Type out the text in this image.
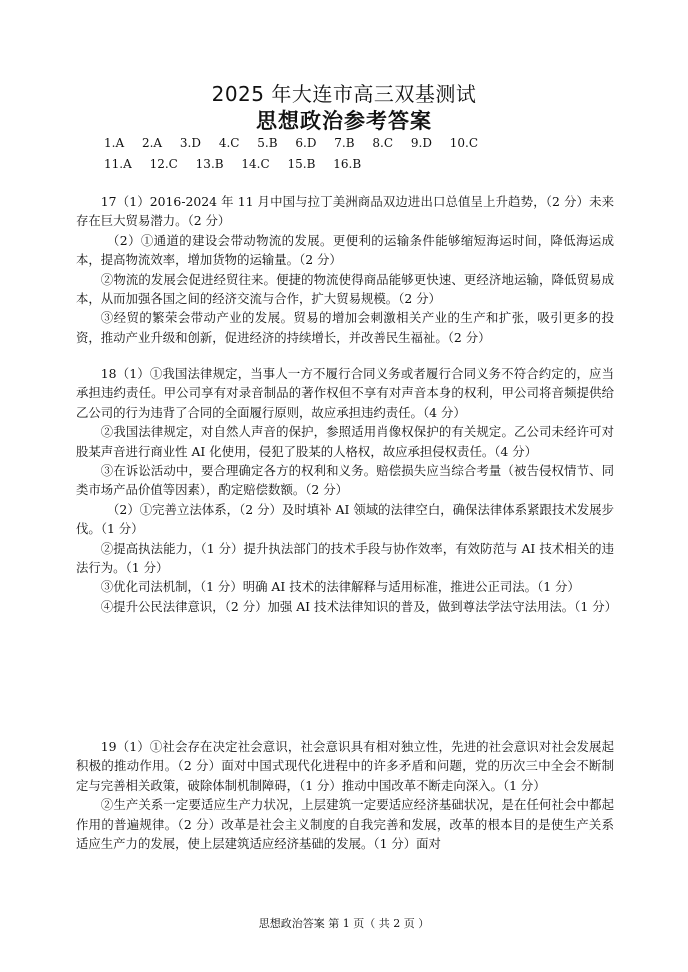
2025 年大连市高三双基测试
思想政治参考答案
1.A 2.A 3.D 4.C 5.B 6.D 7.B 8.C 9.D 10.C
11.A 12.C 13.B 14.C 15.B 16.B

17（1）2016-2024 年 11 月中国与拉丁美洲商品双边进出口总值呈上升趋势，（2 分）未来存在巨大贸易潜力。（2 分）

（2）①通道的建设会带动物流的发展。更便利的运输条件能够缩短海运时间，降低海运成本，提高物流效率，增加货物的运输量。（2 分）

②物流的发展会促进经贸往来。便捷的物流使得商品能够更快速、更经济地运输，降低贸易成本，从而加强各国之间的经济交流与合作，扩大贸易规模。（2 分）

③经贸的繁荣会带动产业的发展。贸易的增加会刺激相关产业的生产和扩张，吸引更多的投资，推动产业升级和创新，促进经济的持续增长，并改善民生福祉。（2 分）

18（1）①我国法律规定，当事人一方不履行合同义务或者履行合同义务不符合约定的，应当承担违约责任。甲公司享有对录音制品的著作权但不享有对声音本身的权利，甲公司将音频提供给乙公司的行为违背了合同的全面履行原则，故应承担违约责任。（4 分）

②我国法律规定，对自然人声音的保护，参照适用肖像权保护的有关规定。乙公司未经许可对股某声音进行商业性 AI 化使用，侵犯了股某的人格权，故应承担侵权责任。（4 分）

③在诉讼活动中，要合理确定各方的权利和义务。赔偿损失应当综合考量（被告侵权情节、同类市场产品价值等因素），酌定赔偿数额。（2 分）

（2）①完善立法体系，（2 分）及时填补 AI 领域的法律空白，确保法律体系紧跟技术发展步伐。（1 分）

②提高执法能力，（1 分）提升执法部门的技术手段与协作效率，有效防范与 AI 技术相关的违法行为。（1 分）

③优化司法机制，（1 分）明确 AI 技术的法律解释与适用标准，推进公正司法。（1 分）

④提升公民法律意识，（2 分）加强 AI 技术法律知识的普及，做到尊法学法守法用法。（1 分）

19（1）①社会存在决定社会意识，社会意识具有相对独立性，先进的社会意识对社会发展起积极的推动作用。（2 分）面对中国式现代化进程中的许多矛盾和问题，党的历次三中全会不断制定与完善相关政策，破除体制机制障碍，（1 分）推动中国改革不断走向深入。（1 分）

②生产关系一定要适应生产力状况，上层建筑一定要适应经济基础状况，是在任何社会中都起作用的普遍规律。（2 分）改革是社会主义制度的自我完善和发展，改革的根本目的是使生产关系适应生产力的发展，使上层建筑适应经济基础的发展。（1 分）面对

思想政治答案 第 1 页（ 共 2 页 ）
